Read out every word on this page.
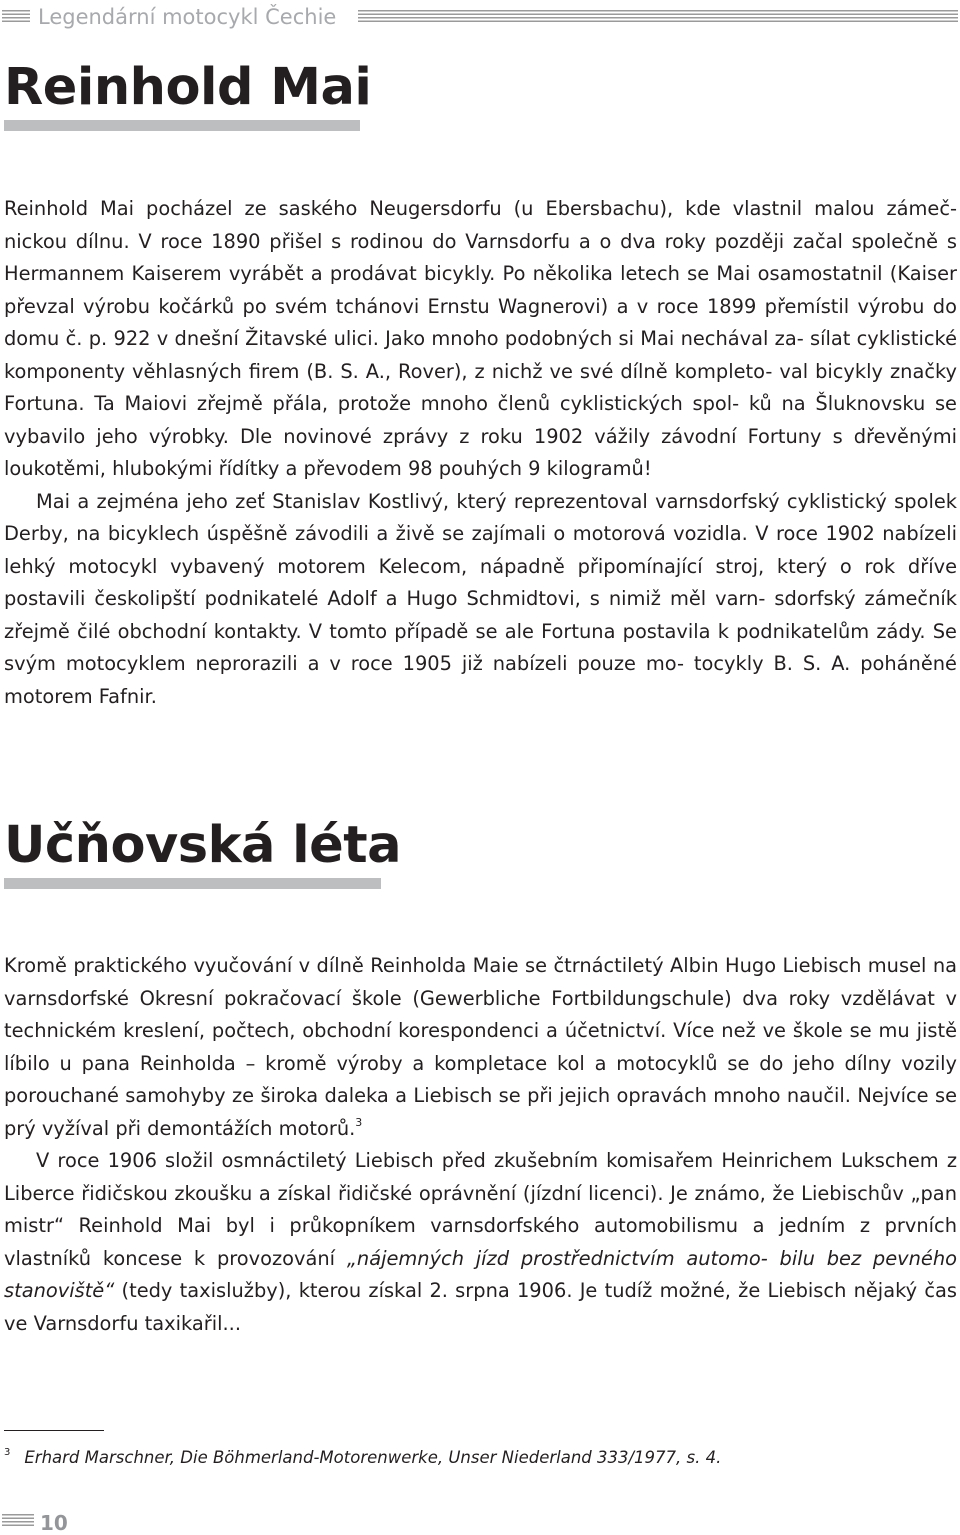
Legendární motocykl Čechie
Reinhold Mai

Reinhold Mai pocházel ze saského Neugersdorfu (u Ebersbachu), kde vlastnil malou zámeč- nickou dílnu. V roce 1890 přišel s rodinou do Varnsdorfu a o dva roky později začal společně s Hermannem Kaiserem vyrábět a prodávat bicykly. Po několika letech se Mai osamostatnil (Kaiser převzal výrobu kočárků po svém tchánovi Ernstu Wagnerovi) a v roce 1899 přemístil výrobu do domu č. p. 922 v dnešní Žitavské ulici. Jako mnoho podobných si Mai nechával za- sílat cyklistické komponenty věhlasných firem (B. S. A., Rover), z nichž ve své dílně kompleto- val bicykly značky Fortuna. Ta Maiovi zřejmě přála, protože mnoho členů cyklistických spol- ků na Šluknovsku se vybavilo jeho výrobky. Dle novinové zprávy z roku 1902 vážily závodní Fortuny s dřevěnými loukotěmi, hlubokými řídítky a převodem 98 pouhých 9 kilogramů!

Mai a zejména jeho zeť Stanislav Kostlivý, který reprezentoval varnsdorfský cyklistický spolek Derby, na bicyklech úspěšně závodili a živě se zajímali o motorová vozidla. V roce 1902 nabízeli lehký motocykl vybavený motorem Kelecom, nápadně připomínající stroj, který o rok dříve postavili českolipští podnikatelé Adolf a Hugo Schmidtovi, s nimiž měl varn- sdorfský zámečník zřejmě čilé obchodní kontakty. V tomto případě se ale Fortuna postavila k podnikatelům zády. Se svým motocyklem neprorazili a v roce 1905 již nabízeli pouze mo- tocykly B. S. A. poháněné motorem Fafnir.

Učňovská léta

Kromě praktického vyučování v dílně Reinholda Maie se čtrnáctiletý Albin Hugo Liebisch musel na varnsdorfské Okresní pokračovací škole (Gewerbliche Fortbildungschule) dva roky vzdělávat v technickém kreslení, počtech, obchodní korespondenci a účetnictví. Více než ve škole se mu jistě líbilo u pana Reinholda – kromě výroby a kompletace kol a motocyklů se do jeho dílny vozily porouchané samohyby ze široka daleka a Liebisch se při jejich opravách mnoho naučil. Nejvíce se prý vyžíval při demontážích motorů.$^3$

V roce 1906 složil osmnáctiletý Liebisch před zkušebním komisařem Heinrichem Lukschem z Liberce řidičskou zkoušku a získal řidičské oprávnění (jízdní licenci). Je známo, že Liebischův „pan mistr“ Reinhold Mai byl i průkopníkem varnsdorfského automobilismu a jedním z prvních vlastníků koncese k provozování „nájemných jízd prostřednictvím automo- bilu bez pevného stanoviště“ (tedy taxislužby), kterou získal 2. srpna 1906. Je tudíž možné, že Liebisch nějaký čas ve Varnsdorfu taxikařil...

$^3$ Erhard Marschner, Die Böhmerland-Motorenwerke, Unser Niederland 333/1977, s. 4.
10
